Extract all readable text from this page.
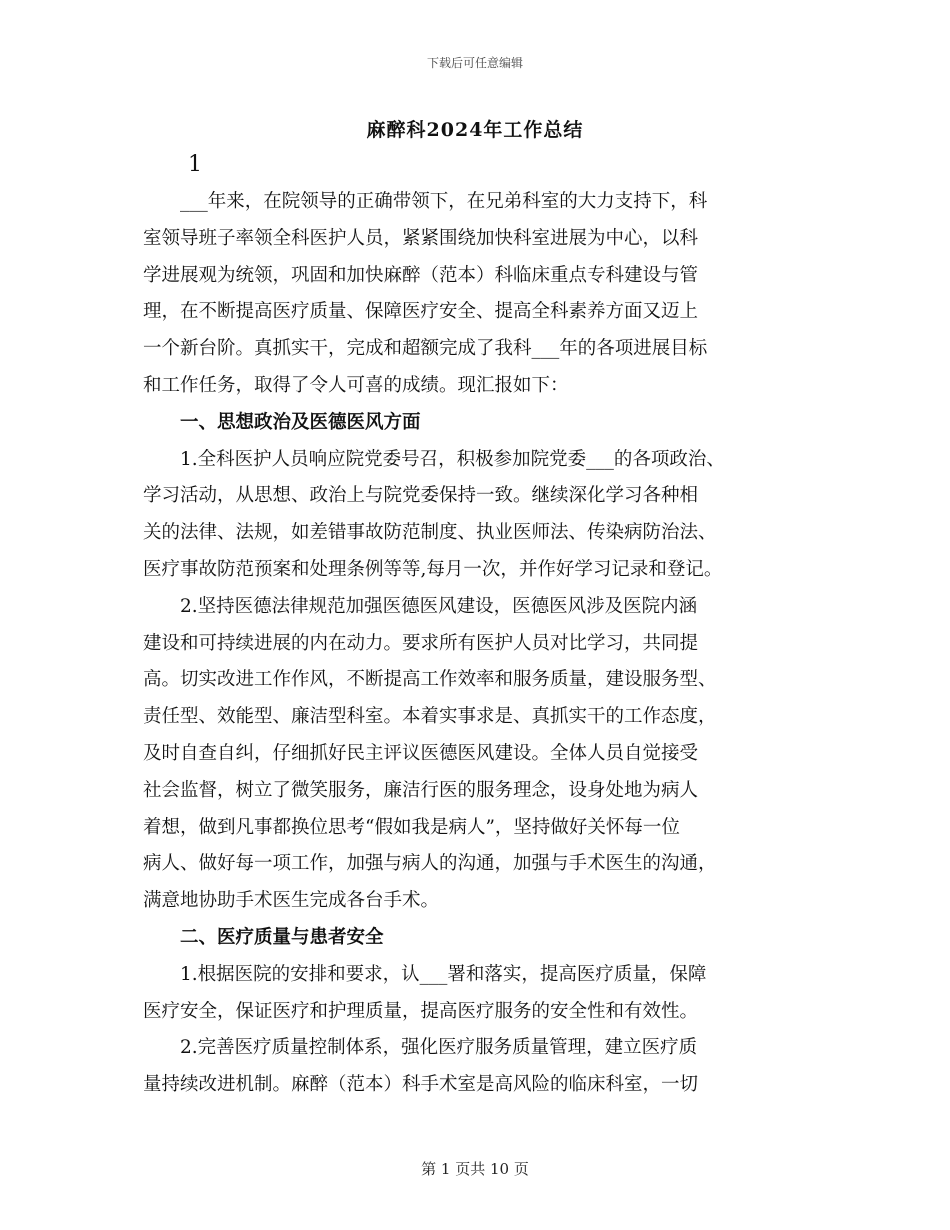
下载后可任意编辑
麻醉科2024年工作总结
1

　　___年来，在院领导的正确带领下，在兄弟科室的大力支持下，科

室领导班子率领全科医护人员，紧紧围绕加快科室进展为中心，以科

学进展观为统领，巩固和加快麻醉（范本）科临床重点专科建设与管

理，在不断提高医疗质量、保障医疗安全、提高全科素养方面又迈上

一个新台阶。真抓实干，完成和超额完成了我科___年的各项进展目标

和工作任务，取得了令人可喜的成绩。现汇报如下：

　　一、思想政治及医德医风方面

　　1.全科医护人员响应院党委号召，积极参加院党委___的各项政治、

学习活动，从思想、政治上与院党委保持一致。继续深化学习各种相

关的法律、法规，如差错事故防范制度、执业医师法、传染病防治法、

医疗事故防范预案和处理条例等等,每月一次，并作好学习记录和登记。

　　2.坚持医德法律规范加强医德医风建设，医德医风涉及医院内涵

建设和可持续进展的内在动力。要求所有医护人员对比学习，共同提

高。切实改进工作作风，不断提高工作效率和服务质量，建设服务型、

责任型、效能型、廉洁型科室。本着实事求是、真抓实干的工作态度，

及时自查自纠，仔细抓好民主评议医德医风建设。全体人员自觉接受

社会监督，树立了微笑服务，廉洁行医的服务理念，设身处地为病人

着想，做到凡事都换位思考“假如我是病人”，坚持做好关怀每一位

病人、做好每一项工作，加强与病人的沟通，加强与手术医生的沟通，

满意地协助手术医生完成各台手术。

　　二、医疗质量与患者安全

　　1.根据医院的安排和要求，认___署和落实，提高医疗质量，保障

医疗安全，保证医疗和护理质量，提高医疗服务的安全性和有效性。

　　2.完善医疗质量控制体系，强化医疗服务质量管理，建立医疗质

量持续改进机制。麻醉（范本）科手术室是高风险的临床科室，一切

第 1 页共 10 页
